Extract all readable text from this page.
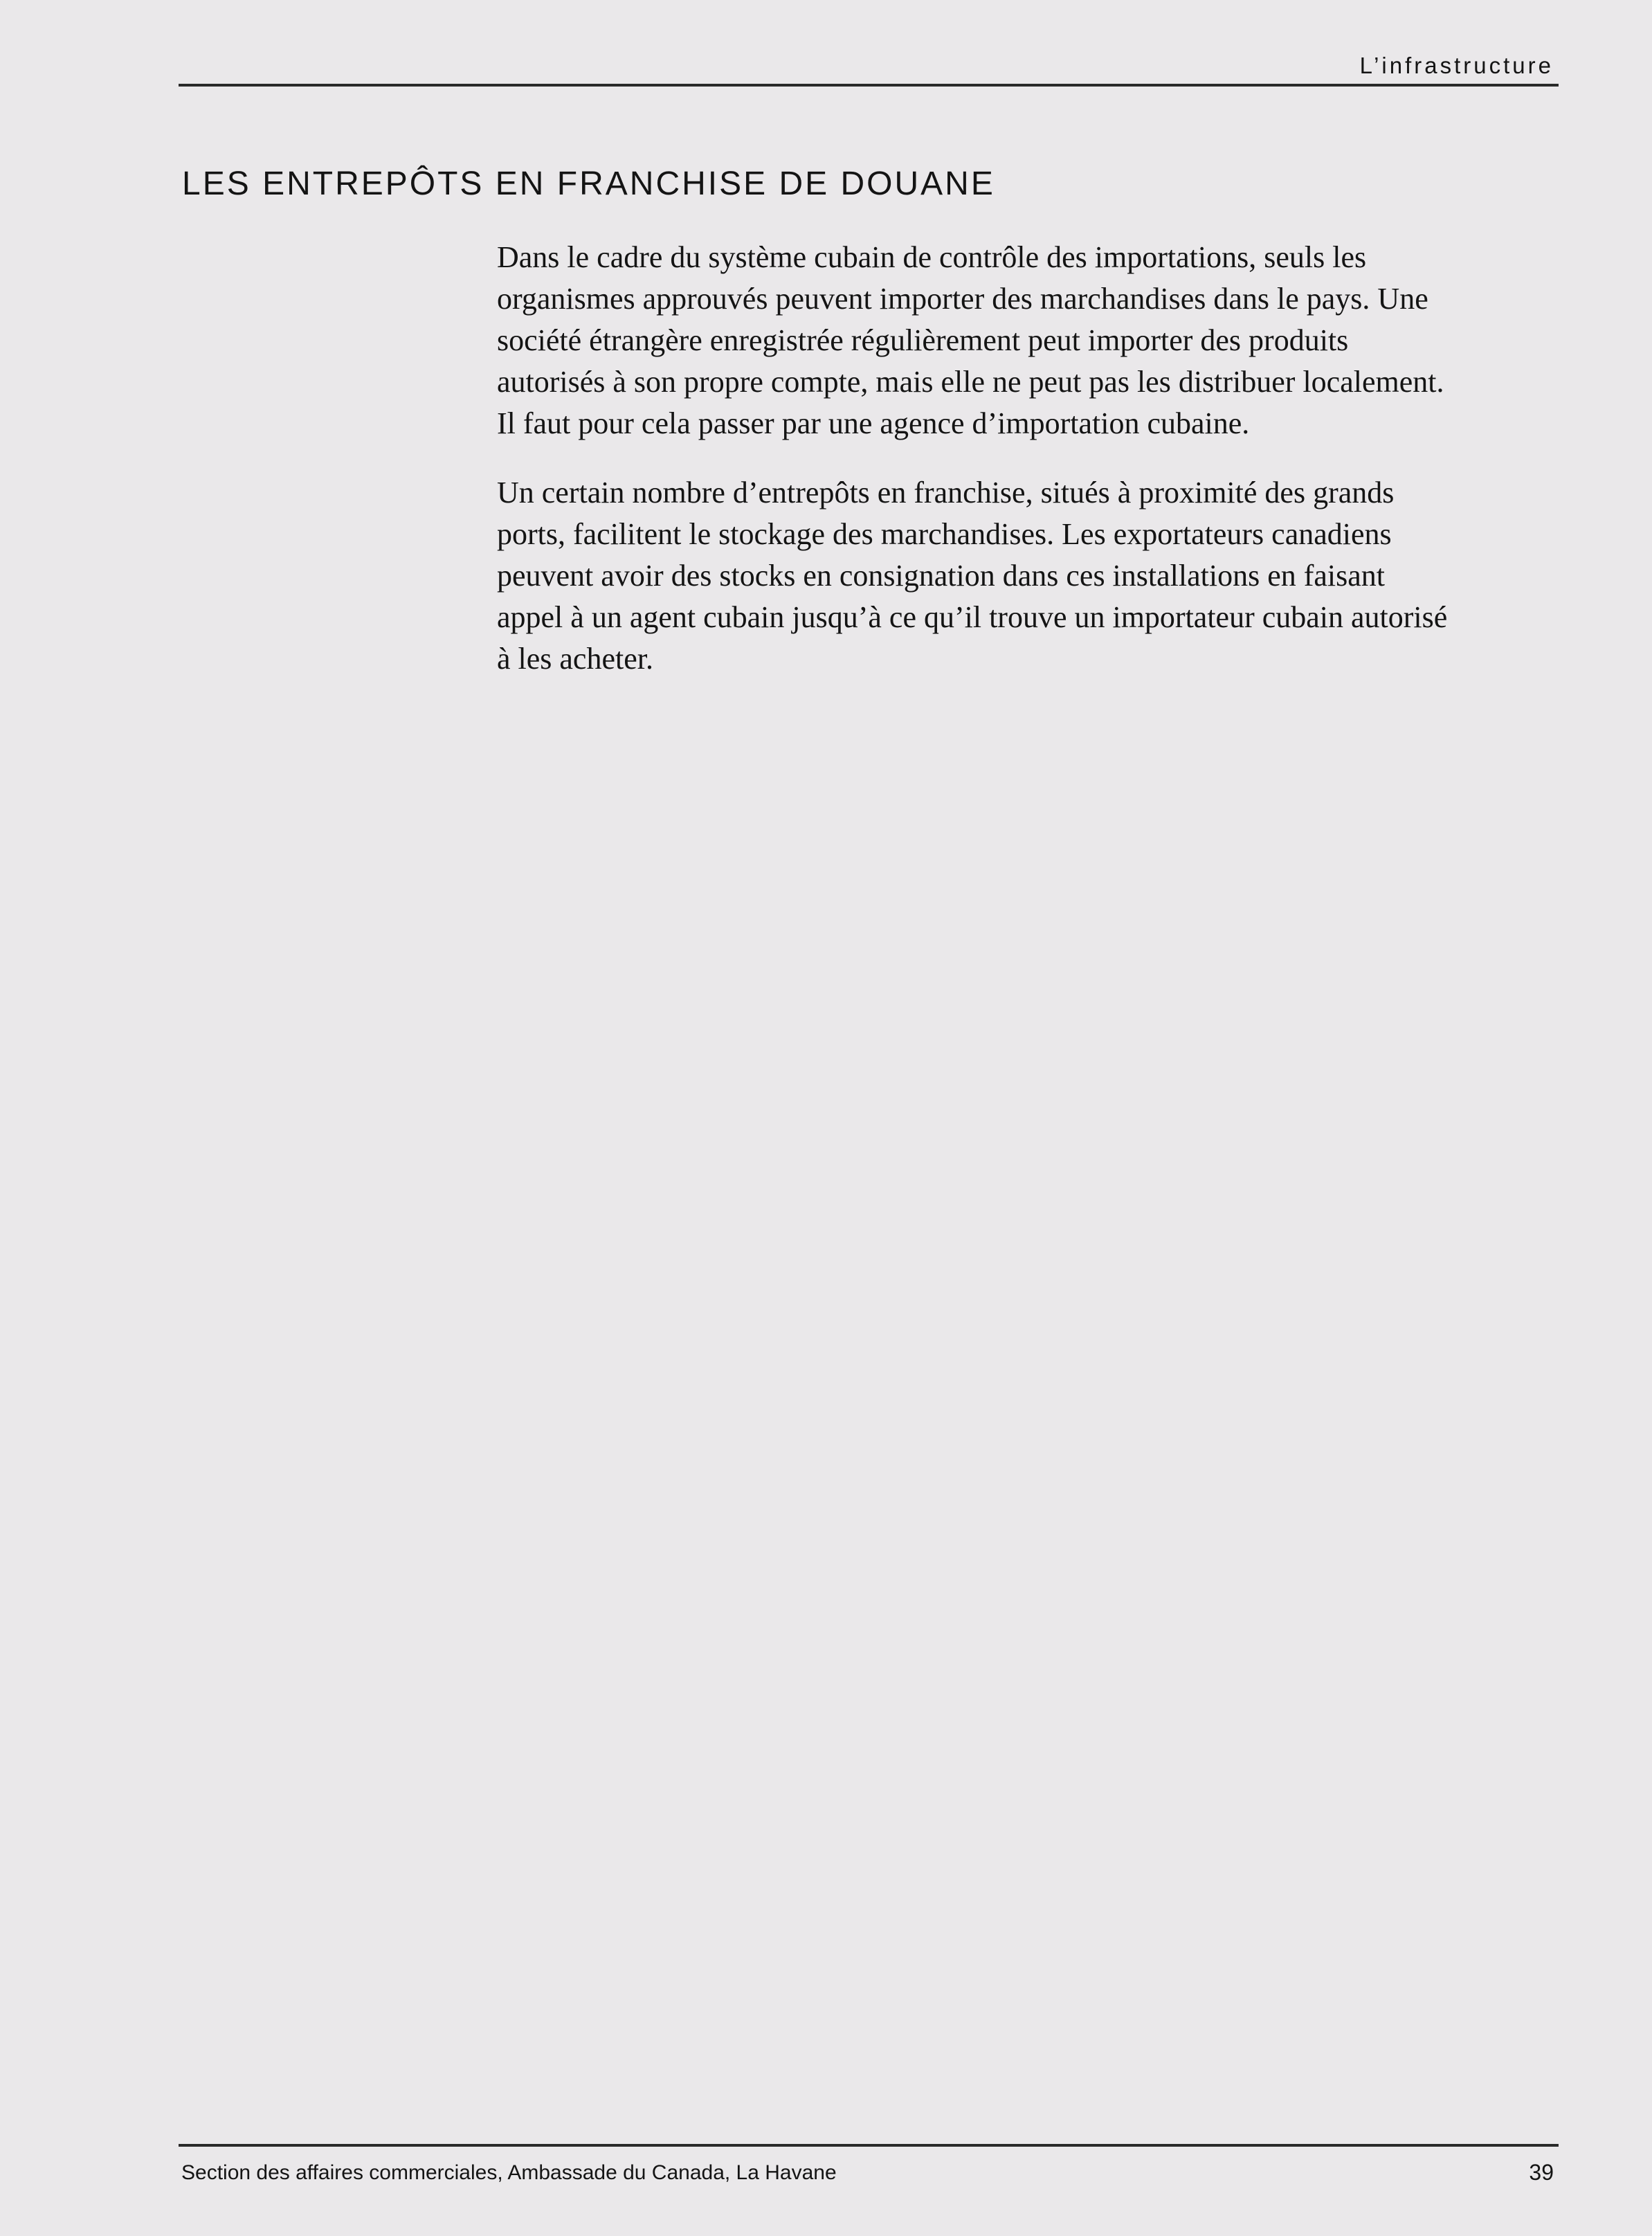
L’infrastructure
LES ENTREPÔTS EN FRANCHISE DE DOUANE

Dans le cadre du système cubain de contrôle des importations, seuls les organismes approuvés peuvent importer des marchandises dans le pays. Une société étrangère enregistrée régulièrement peut importer des produits autorisés à son propre compte, mais elle ne peut pas les distribuer localement. Il faut pour cela passer par une agence d’importation cubaine.

Un certain nombre d’entrepôts en franchise, situés à proximité des grands ports, facilitent le stockage des marchandises. Les exportateurs canadiens peuvent avoir des stocks en consignation dans ces installations en faisant appel à un agent cubain jusqu’à ce qu’il trouve un importateur cubain autorisé à les acheter.

Section des affaires commerciales, Ambassade du Canada, La Havane	39
